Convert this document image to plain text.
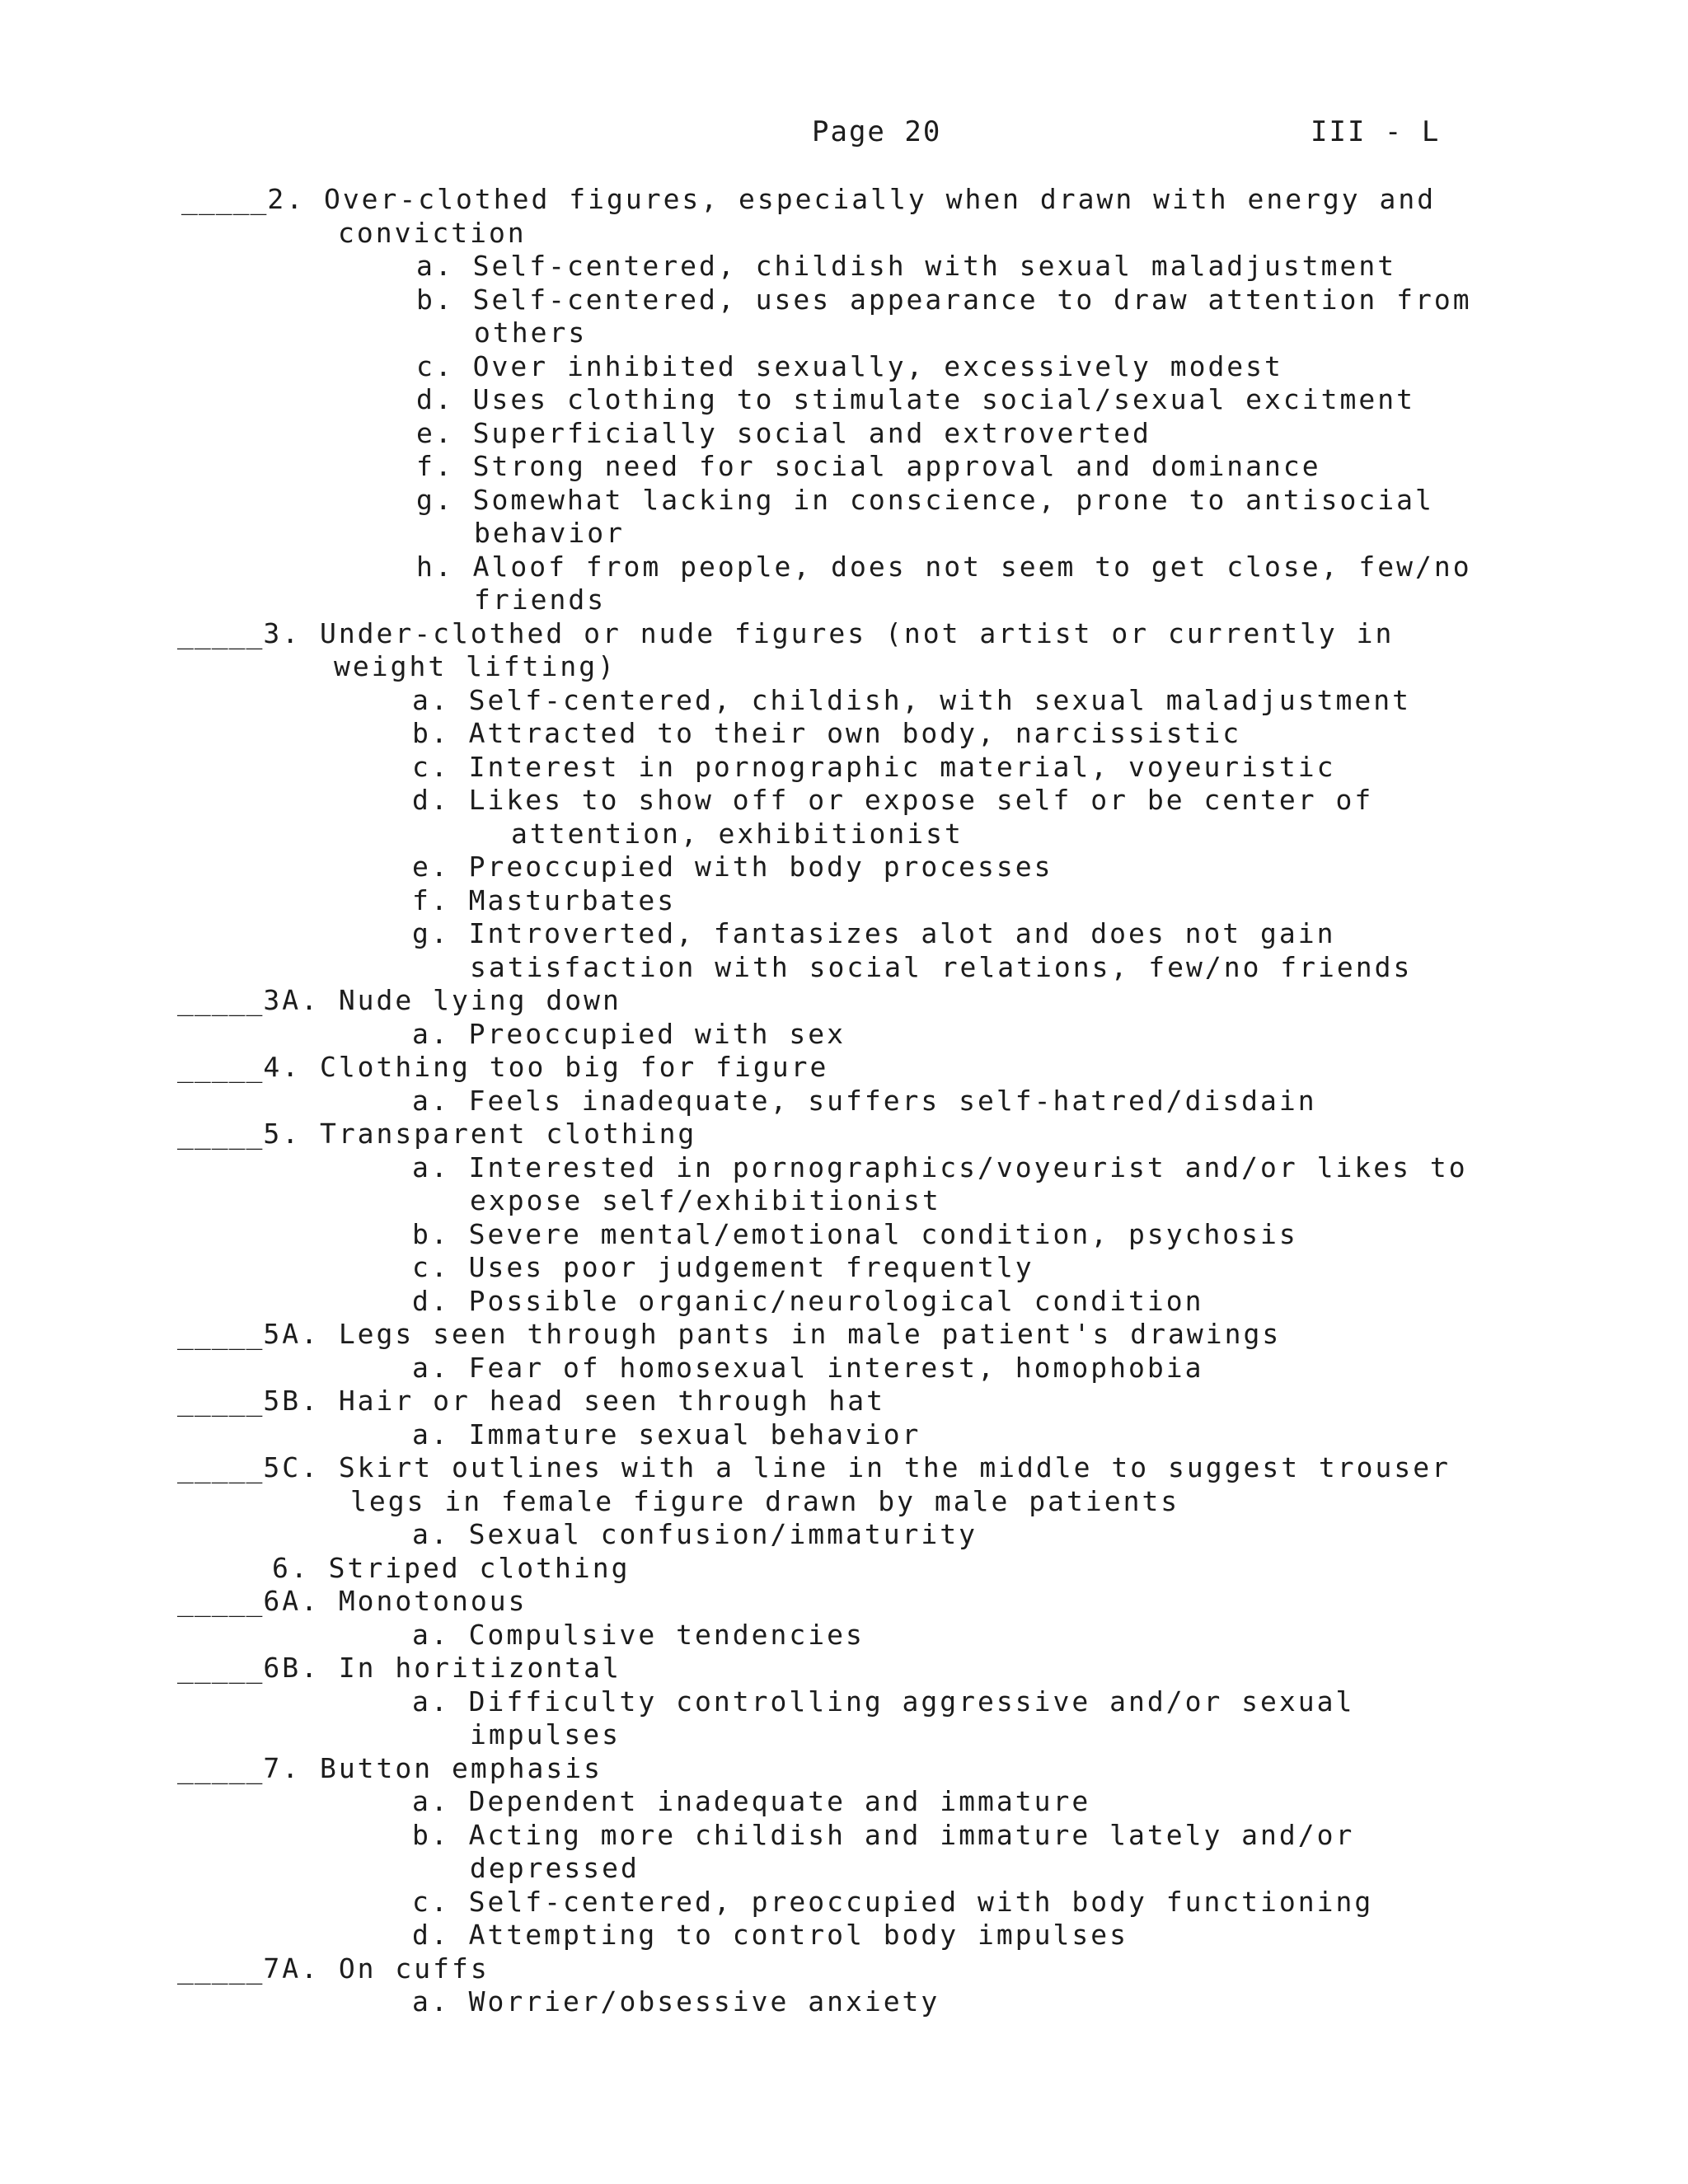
Page 20	III - L
_____2. Over-clothed figures, especially when drawn with energy and
conviction
a. Self-centered, childish with sexual maladjustment
b. Self-centered, uses appearance to draw attention from
others
c. Over inhibited sexually, excessively modest
d. Uses clothing to stimulate social/sexual excitment
e. Superficially social and extroverted
f. Strong need for social approval and dominance
g. Somewhat lacking in conscience, prone to antisocial
behavior
h. Aloof from people, does not seem to get close, few/no
friends
_____3. Under-clothed or nude figures (not artist or currently in
weight lifting)
a. Self-centered, childish, with sexual maladjustment
b. Attracted to their own body, narcissistic
c. Interest in pornographic material, voyeuristic
d. Likes to show off or expose self or be center of
attention, exhibitionist
e. Preoccupied with body processes
f. Masturbates
g. Introverted, fantasizes alot and does not gain
satisfaction with social relations, few/no friends
_____3A. Nude lying down
a. Preoccupied with sex
_____4. Clothing too big for figure
a. Feels inadequate, suffers self-hatred/disdain
_____5. Transparent clothing
a. Interested in pornographics/voyeurist and/or likes to
expose self/exhibitionist
b. Severe mental/emotional condition, psychosis
c. Uses poor judgement frequently
d. Possible organic/neurological condition
_____5A. Legs seen through pants in male patient's drawings
a. Fear of homosexual interest, homophobia
_____5B. Hair or head seen through hat
a. Immature sexual behavior
_____5C. Skirt outlines with a line in the middle to suggest trouser
legs in female figure drawn by male patients
a. Sexual confusion/immaturity
6. Striped clothing
_____6A. Monotonous
a. Compulsive tendencies
_____6B. In horitizontal
a. Difficulty controlling aggressive and/or sexual
impulses
_____7. Button emphasis
a. Dependent inadequate and immature
b. Acting more childish and immature lately and/or
depressed
c. Self-centered, preoccupied with body functioning
d. Attempting to control body impulses
_____7A. On cuffs
a. Worrier/obsessive anxiety
